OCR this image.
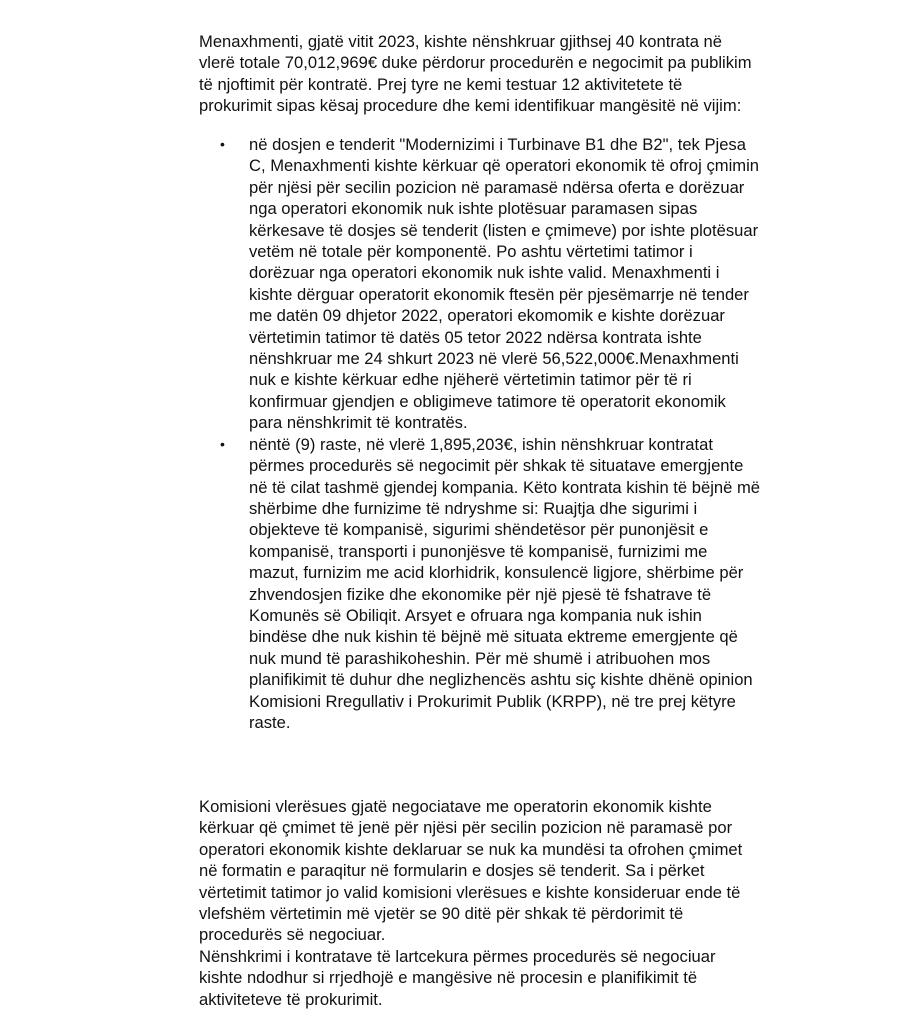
Menaxhmenti, gjatë vitit 2023, kishte nënshkruar gjithsej 40 kontrata në
vlerë totale 70,012,969€ duke përdorur procedurën e negocimit pa publikim
të njoftimit për kontratë. Prej tyre ne kemi testuar 12 aktivitetete të
prokurimit sipas kësaj procedure dhe kemi identifikuar mangësitë në vijim:
• në dosjen e tenderit "Modernizimi i Turbinave B1 dhe B2", tek Pjesa
C, Menaxhmenti kishte kërkuar që operatori ekonomik të ofroj çmimin
për njësi për secilin pozicion në paramasë ndërsa oferta e dorëzuar
nga operatori ekonomik nuk ishte plotësuar paramasen sipas
kërkesave të dosjes së tenderit (listen e çmimeve) por ishte plotësuar
vetëm në totale për komponentë. Po ashtu vërtetimi tatimor i
dorëzuar nga operatori ekonomik nuk ishte valid. Menaxhmenti i
kishte dërguar operatorit ekonomik ftesën për pjesëmarrje në tender
me datën 09 dhjetor 2022, operatori ekomomik e kishte dorëzuar
vërtetimin tatimor të datës 05 tetor 2022 ndërsa kontrata ishte
nënshkruar me 24 shkurt 2023 në vlerë 56,522,000€.Menaxhmenti
nuk e kishte kërkuar edhe njëherë vërtetimin tatimor për të ri
konfirmuar gjendjen e obligimeve tatimore të operatorit ekonomik
para nënshkrimit të kontratës.
• nëntë (9) raste, në vlerë 1,895,203€, ishin nënshkruar kontratat
përmes procedurës së negocimit për shkak të situatave emergjente
në të cilat tashmë gjendej kompania. Këto kontrata kishin të bëjnë më
shërbime dhe furnizime të ndryshme si: Ruajtja dhe sigurimi i
objekteve të kompanisë, sigurimi shëndetësor për punonjësit e
kompanisë, transporti i punonjësve të kompanisë, furnizimi me
mazut, furnizim me acid klorhidrik, konsulencë ligjore, shërbime për
zhvendosjen fizike dhe ekonomike për një pjesë të fshatrave të
Komunës së Obiliqit. Arsyet e ofruara nga kompania nuk ishin
bindëse dhe nuk kishin të bëjnë më situata ektreme emergjente që
nuk mund të parashikoheshin. Për më shumë i atribuohen mos
planifikimit të duhur dhe neglizhencës ashtu siç kishte dhënë opinion
Komisioni Rregullativ i Prokurimit Publik (KRPP), në tre prej këtyre
raste.
Komisioni vlerësues gjatë negociatave me operatorin ekonomik kishte
kërkuar që çmimet të jenë për njësi për secilin pozicion në paramasë por
operatori ekonomik kishte deklaruar se nuk ka mundësi ta ofrohen çmimet
në formatin e paraqitur në formularin e dosjes së tenderit. Sa i përket
vërtetimit tatimor jo valid komisioni vlerësues e kishte konsideruar ende të
vlefshëm vërtetimin më vjetër se 90 ditë për shkak të përdorimit të
procedurës së negociuar.
Nënshkrimi i kontratave të lartcekura përmes procedurës së negociuar
kishte ndodhur si rrjedhojë e mangësive në procesin e planifikimit të
aktiviteteve të prokurimit.
